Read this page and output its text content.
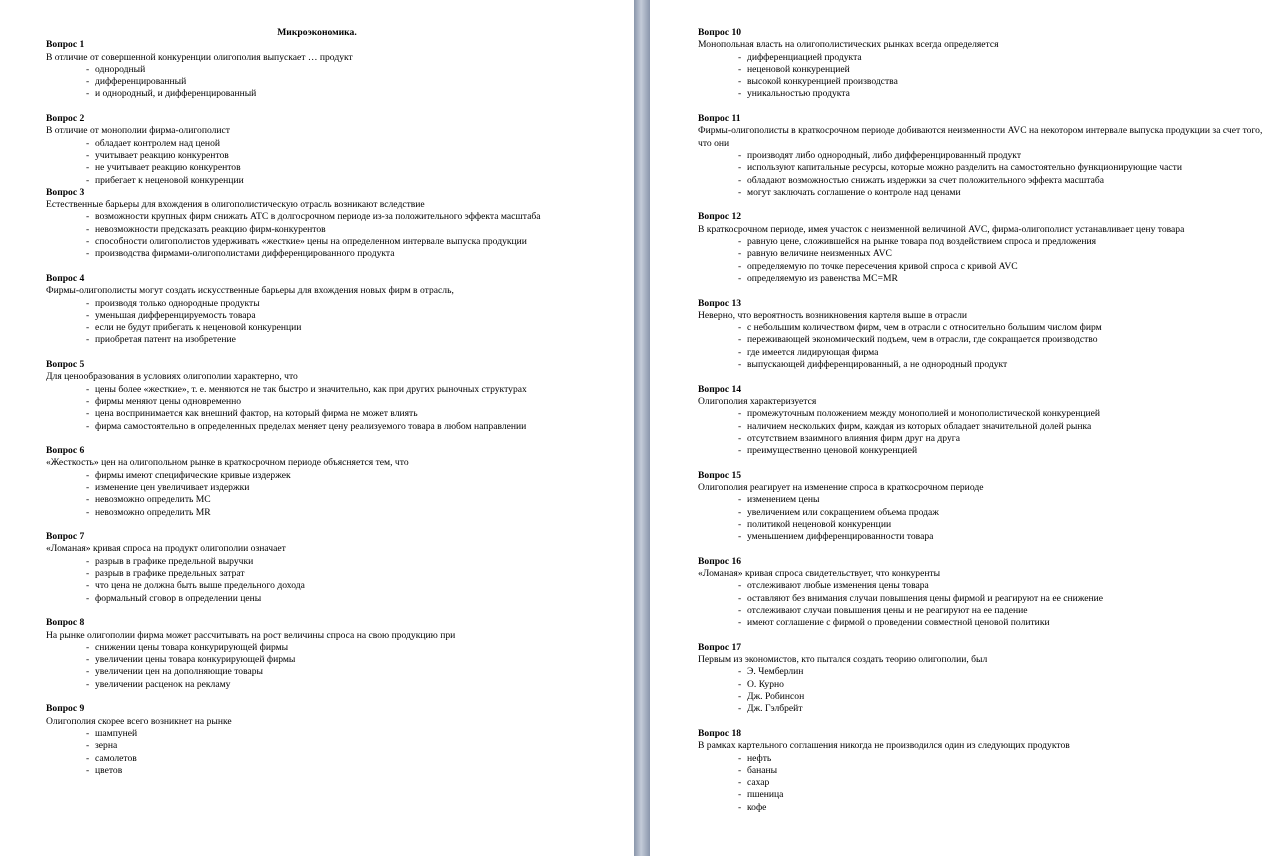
Микроэкономика.
Вопрос 1
В отличие от совершенной конкуренции олигополия выпускает … продукт
- однородный
- дифференцированный
- и однородный, и дифференцированный
Вопрос 2
В отличие от монополии фирма-олигополист
- обладает контролем над ценой
- учитывает реакцию конкурентов
- не учитывает реакцию конкурентов
- прибегает к неценовой конкуренции
Вопрос 3
Естественные барьеры для вхождения в олигополистическую отрасль возникают вследствие
- возможности крупных фирм снижать АТС в долгосрочном периоде из-за положительного эффекта масштаба
- невозможности предсказать реакцию фирм-конкурентов
- способности олигополистов удерживать «жесткие» цены на определенном интервале выпуска продукции
- производства фирмами-олигополистами дифференцированного продукта
Вопрос 4
Фирмы-олигополисты могут создать искусственные барьеры для вхождения новых фирм в отрасль,
- производя только однородные продукты
- уменьшая дифференцируемость товара
- если не будут прибегать к неценовой конкуренции
- приобретая патент на изобретение
Вопрос 5
Для ценообразования в условиях олигополии характерно, что
- цены более «жесткие», т. е. меняются не так быстро и значительно, как при других рыночных структурах
- фирмы меняют цены одновременно
- цена воспринимается как внешний фактор, на который фирма не может влиять
- фирма самостоятельно в определенных пределах меняет цену реализуемого товара в любом направлении
Вопрос 6
«Жесткость» цен на олигопольном рынке в краткосрочном периоде объясняется тем, что
- фирмы имеют специфические кривые издержек
- изменение цен увеличивает издержки
- невозможно определить МС
- невозможно определить MR
Вопрос 7
«Ломаная» кривая спроса на продукт олигополии означает
- разрыв в графике предельной выручки
- разрыв в графике предельных затрат
- что цена не должна быть выше предельного дохода
- формальный сговор в определении цены
Вопрос 8
На рынке олигополии фирма может рассчитывать на рост величины спроса на свою продукцию при
- снижении цены товара конкурирующей фирмы
- увеличении цены товара конкурирующей фирмы
- увеличении цен на дополняющие товары
- увеличении расценок на рекламу
Вопрос 9
Олигополия скорее всего возникнет на рынке
- шампуней
- зерна
- самолетов
- цветов
Вопрос 10
Монопольная власть на олигополистических рынках всегда определяется
- дифференциацией продукта
- неценовой конкуренцией
- высокой конкуренцией производства
- уникальностью продукта
Вопрос 11
Фирмы-олигополисты в краткосрочном периоде добиваются неизменности AVC на некотором интервале выпуска продукции за счет того, что они
- производят либо однородный, либо дифференцированный продукт
- используют капитальные ресурсы, которые можно разделить на самостоятельно функционирующие части
- обладают возможностью снижать издержки за счет положительного эффекта масштаба
- могут заключать соглашение о контроле над ценами
Вопрос 12
В краткосрочном периоде, имея участок с неизменной величиной AVC, фирма-олигополист устанавливает цену товара
- равную цене, сложившейся на рынке товара под воздействием спроса и предложения
- равную величине неизменных AVC
- определяемую по точке пересечения кривой спроса с кривой AVC
- определяемую из равенства МС=MR
Вопрос 13
Неверно, что вероятность возникновения картеля выше в отрасли
- с небольшим количеством фирм, чем в отрасли с относительно большим числом фирм
- переживающей экономический подъем, чем в отрасли, где сокращается производство
- где имеется лидирующая фирма
- выпускающей дифференцированный, а не однородный продукт
Вопрос 14
Олигополия характеризуется
- промежуточным положением между монополией и монополистической конкуренцией
- наличием нескольких фирм, каждая из которых обладает значительной долей рынка
- отсутствием взаимного влияния фирм друг на друга
- преимущественно ценовой конкуренцией
Вопрос 15
Олигополия реагирует на изменение спроса в краткосрочном периоде
- изменением цены
- увеличением или сокращением объема продаж
- политикой неценовой конкуренции
- уменьшением дифференцированности товара
Вопрос 16
«Ломаная» кривая спроса свидетельствует, что конкуренты
- отслеживают любые изменения цены товара
- оставляют без внимания случаи повышения цены фирмой и реагируют на ее снижение
- отслеживают случаи повышения цены и не реагируют на ее падение
- имеют соглашение с фирмой о проведении совместной ценовой политики
Вопрос 17
Первым из экономистов, кто пытался создать теорию олигополии, был
- Э. Чемберлин
- О. Курно
- Дж. Робинсон
- Дж. Гэлбрейт
Вопрос 18
В рамках картельного соглашения никогда не производился один из следующих продуктов
- нефть
- бананы
- сахар
- пшеница
- кофе
